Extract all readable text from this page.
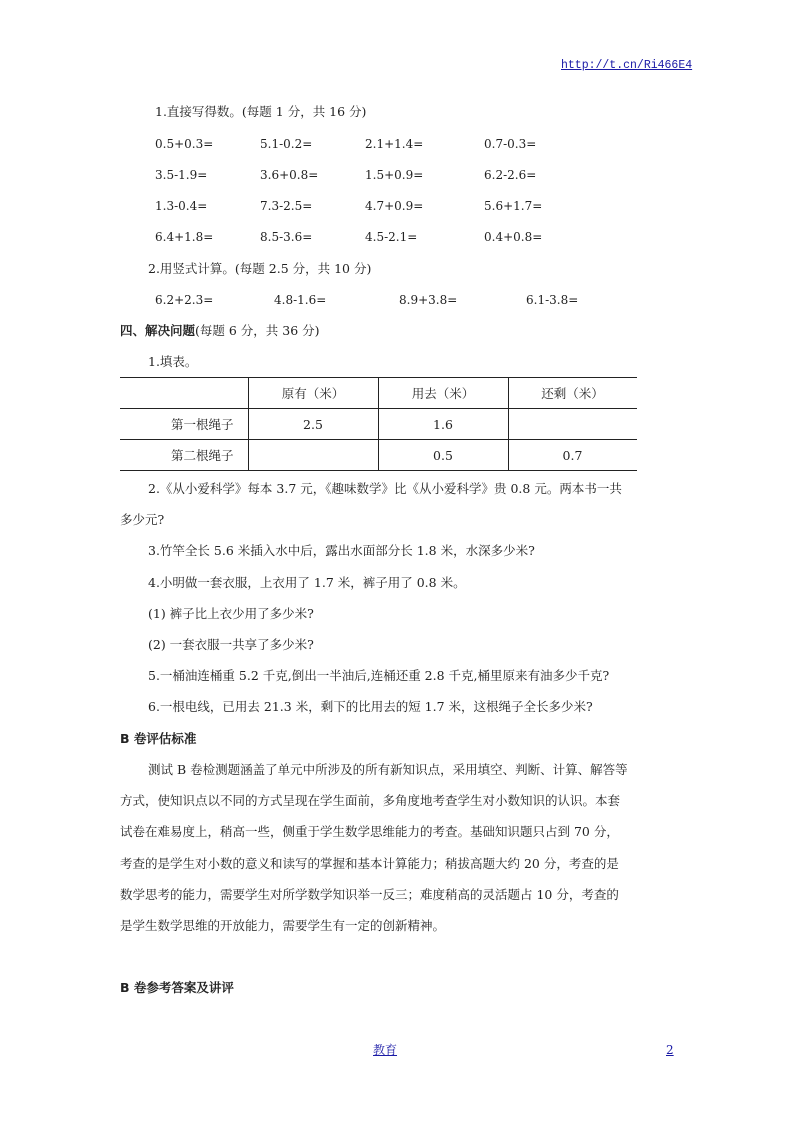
http://t.cn/Ri466E4
1.直接写得数。(每题 1 分，共 16 分)
0.5+0.3=	5.1-0.2=	2.1+1.4=	0.7-0.3=
3.5-1.9=	3.6+0.8=	1.5+0.9=	6.2-2.6=
1.3-0.4=	7.3-2.5=	4.7+0.9=	5.6+1.7=
6.4+1.8=	8.5-3.6=	4.5-2.1=	0.4+0.8=
2.用竖式计算。(每题 2.5 分，共 10 分)
6.2+2.3=	4.8-1.6=	8.9+3.8=	6.1-3.8=
四、解决问题(每题 6 分，共 36 分)
1.填表。
	原有（米）	用去（米）	还剩（米）
第一根绳子	2.5	1.6	
第二根绳子		0.5	0.7
2.《从小爱科学》每本 3.7 元，《趣味数学》比《从小爱科学》贵 0.8 元。两本书一共
多少元?
3.竹竿全长 5.6 米插入水中后，露出水面部分长 1.8 米，水深多少米?
4.小明做一套衣服，上衣用了 1.7 米，裤子用了 0.8 米。
(1) 裤子比上衣少用了多少米?
(2) 一套衣服一共享了多少米?
5.一桶油连桶重 5.2 千克,倒出一半油后,连桶还重 2.8 千克,桶里原来有油多少千克?
6.一根电线，已用去 21.3 米，剩下的比用去的短 1.7 米，这根绳子全长多少米?
B 卷评估标准
测试 B 卷检测题涵盖了单元中所涉及的所有新知识点，采用填空、判断、计算、解答等
方式，使知识点以不同的方式呈现在学生面前，多角度地考查学生对小数知识的认识。本套
试卷在难易度上，稍高一些，侧重于学生数学思维能力的考查。基础知识题只占到 70 分，
考查的是学生对小数的意义和读写的掌握和基本计算能力；稍拔高题大约 20 分，考查的是
数学思考的能力，需要学生对所学数学知识举一反三；难度稍高的灵活题占 10 分，考查的
是学生数学思维的开放能力，需要学生有一定的创新精神。
B 卷参考答案及讲评
教育	2
